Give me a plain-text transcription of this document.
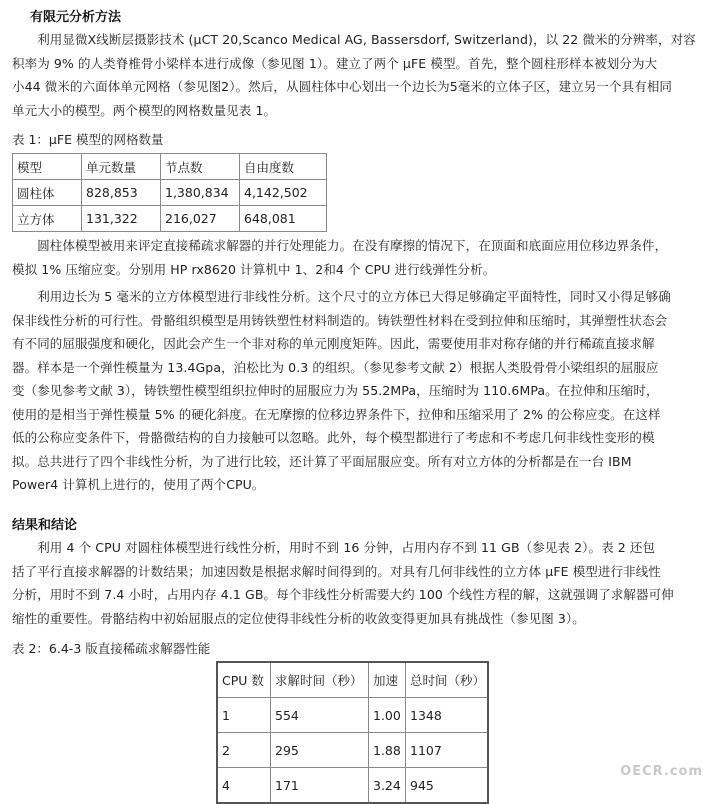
有限元分析方法
　　利用显微X线断层摄影技术 (μCT 20,Scanco Medical AG, Bassersdorf, Switzerland)，以 22 微米的分辨率，对容
积率为 9% 的人类脊椎骨小梁样本进行成像（参见图 1）。建立了两个 μFE 模型。首先，整个圆柱形样本被划分为大
小44 微米的六面体单元网格（参见图2）。然后，从圆柱体中心划出一个边长为5毫米的立体子区，建立另一个具有相同
单元大小的模型。两个模型的网格数量见表 1。
表 1：μFE 模型的网格数量
模型	单元数量	节点数	自由度数
圆柱体	828,853	1,380,834	4,142,502
立方体	131,322	216,027	648,081
　　圆柱体模型被用来评定直接稀疏求解器的并行处理能力。在没有摩擦的情况下，在顶面和底面应用位移边界条件，
模拟 1% 压缩应变。分别用 HP rx8620 计算机中 1、2和4 个 CPU 进行线弹性分析。
　　利用边长为 5 毫米的立方体模型进行非线性分析。这个尺寸的立方体已大得足够确定平面特性，同时又小得足够确
保非线性分析的可行性。骨骼组织模型是用铸铁塑性材料制造的。铸铁塑性材料在受到拉伸和压缩时，其弹塑性状态会
有不同的屈服强度和硬化，因此会产生一个非对称的单元刚度矩阵。因此，需要使用非对称存储的并行稀疏直接求解
器。样本是一个弹性模量为 13.4Gpa，泊松比为 0.3 的组织。（参见参考文献 2）根据人类股骨骨小梁组织的屈服应
变（参见参考文献 3），铸铁塑性模型组织拉伸时的屈服应力为 55.2MPa，压缩时为 110.6MPa。在拉伸和压缩时，
使用的是相当于弹性模量 5% 的硬化斜度。在无摩擦的位移边界条件下，拉伸和压缩采用了 2% 的公称应变。在这样
低的公称应变条件下，骨骼微结构的自力接触可以忽略。此外，每个模型都进行了考虑和不考虑几何非线性变形的模
拟。总共进行了四个非线性分析，为了进行比较，还计算了平面屈服应变。所有对立方体的分析都是在一台 IBM
Power4 计算机上进行的，使用了两个CPU。
结果和结论
　　利用 4 个 CPU 对圆柱体模型进行线性分析，用时不到 16 分钟，占用内存不到 11 GB（参见表 2）。表 2 还包
括了平行直接求解器的计数结果；加速因数是根据求解时间得到的。对具有几何非线性的立方体 μFE 模型进行非线性
分析，用时不到 7.4 小时，占用内存 4.1 GB。每个非线性分析需要大约 100 个线性方程的解，这就强调了求解器可伸
缩性的重要性。骨骼结构中初始屈服点的定位使得非线性分析的收敛变得更加具有挑战性（参见图 3）。
表 2：6.4-3 版直接稀疏求解器性能
CPU 数	求解时间（秒）	加速	总时间（秒）
1	554	1.00	1348
2	295	1.88	1107
4	171	3.24	945
OECR.com
